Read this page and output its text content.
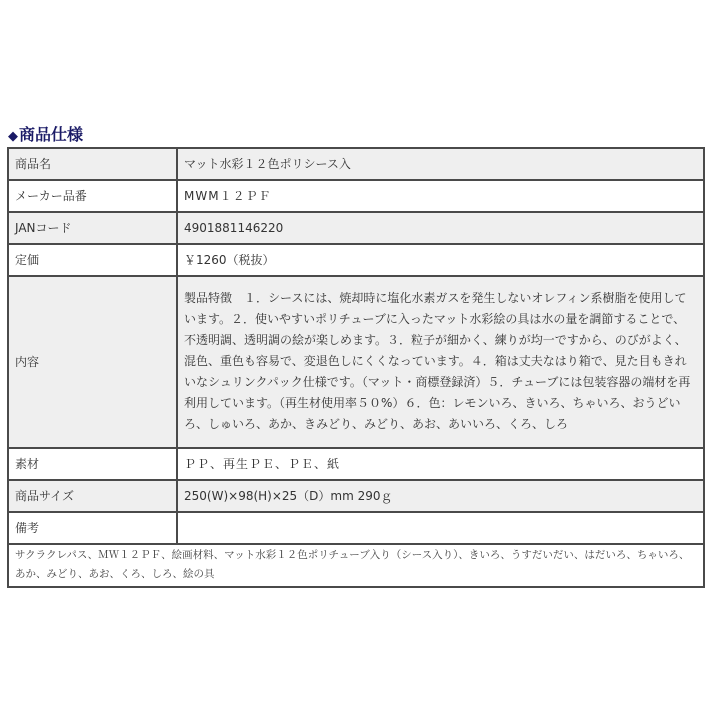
◆商品仕様
商品名	マット水彩１２色ポリシース入
メーカー品番	MWM１２ＰＦ
JANコード	4901881146220
定価	￥1260（税抜）
内容	製品特徴　１．シースには、焼却時に塩化水素ガスを発生しないオレフィン系樹脂を使用しています。２．使いやすいポリチューブに入ったマット水彩絵の具は水の量を調節することで、不透明調、透明調の絵が楽しめます。３．粒子が細かく、練りが均一ですから、のびがよく、混色、重色も容易で、変退色しにくくなっています。４．箱は丈夫なはり箱で、見た目もきれいなシュリンクパック仕様です。（マット・商標登録済）５．チューブには包装容器の端材を再利用しています。（再生材使用率５０%）６．色：レモンいろ、きいろ、ちゃいろ、おうどいろ、しゅいろ、あか、きみどり、みどり、あお、あいいろ、くろ、しろ
素材	ＰＰ、再生ＰＥ、ＰＥ、紙
商品サイズ	250(W)×98(H)×25（D）mm 290ｇ
備考	
サクラクレパス、ＭＷ１２ＰＦ、絵画材料、マット水彩１２色ポリチューブ入り（シース入り）、きいろ、うすだいだい、はだいろ、ちゃいろ、あか、みどり、あお、くろ、しろ、絵の具	
